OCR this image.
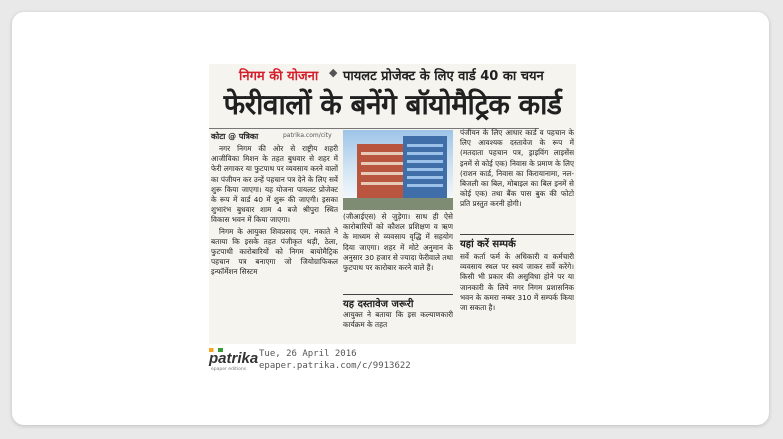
निगम की योजना ◆ पायलट प्रोजेक्ट के लिए वार्ड 40 का चयन
फेरीवालों के बनेंगे बॉयोमैट्रिक कार्ड
कोटा @ पत्रिका	patrika.com/city

नगर निगम की ओर से राष्ट्रीय शहरी आजीविका मिशन के तहत बुधवार से शहर में फेरी लगाकर या फुटपाथ पर व्यवसाय करने वालों का पंजीयन कर उन्हें पहचान पत्र देने के लिए सर्वे शुरू किया जाएगा। यह योजना पायलट प्रोजेक्ट के रूप में वार्ड 40 में शुरू की जाएगी। इसका शुभारंभ बुधवार शाम 4 बजे श्रीपुरा स्थित विकास भवन में किया जाएगा।

निगम के आयुक्त शिवप्रसाद एम. नकाते ने बताया कि इसके तहत पंजीकृत थड़ी, ठेला, फुटपाथी कारोबारियों को निगम बायोमैट्रिक पहचान पत्र बनाएगा जो जियोग्राफिकल इन्फॉर्मेशन सिस्टम

(जीआईएस) से जुड़ेगा। साथ ही ऐसे कारोबारियों को कौशल प्रशिक्षण व ऋण के माध्यम से व्यवसाय वृद्धि में सहयोग दिया जाएगा। शहर में मोटे अनुमान के अनुसार 30 हजार से ज्यादा फेरीवाले तथा फुटपाथ पर कारोबार करने वाले हैं।
यह दस्तावेज जरूरी
आयुक्त ने बताया कि इस कल्याणकारी कार्यक्रम के तहत
पंजीयन के लिए आधार कार्ड व पहचान के लिए आवश्यक दस्तावेज के रूप में (मतदाता पहचान पत्र, ड्राइविंग लाइसेंस इनमें से कोई एक) निवास के प्रमाण के लिए (राशन कार्ड, निवास का किरायानामा, नल-बिजली का बिल, मोबाइल का बिल इनमें से कोई एक) तथा बैंक पास बुक की फोटो प्रति प्रस्तुत करनी होगी।
यहां करें सम्पर्क
सर्वे कर्ता फर्म के अधिकारी व कर्मचारी व्यवसाय स्थल पर स्वयं जाकर सर्वे करेंगे। किसी भी प्रकार की असुविधा होने पर या जानकारी के लिये नगर निगम प्रशासनिक भवन के कमरा नम्बर 310 में सम्पर्क किया जा सकता है।
patrika
epaper editions
Tue, 26 April 2016
epaper.patrika.com/c/9913622
